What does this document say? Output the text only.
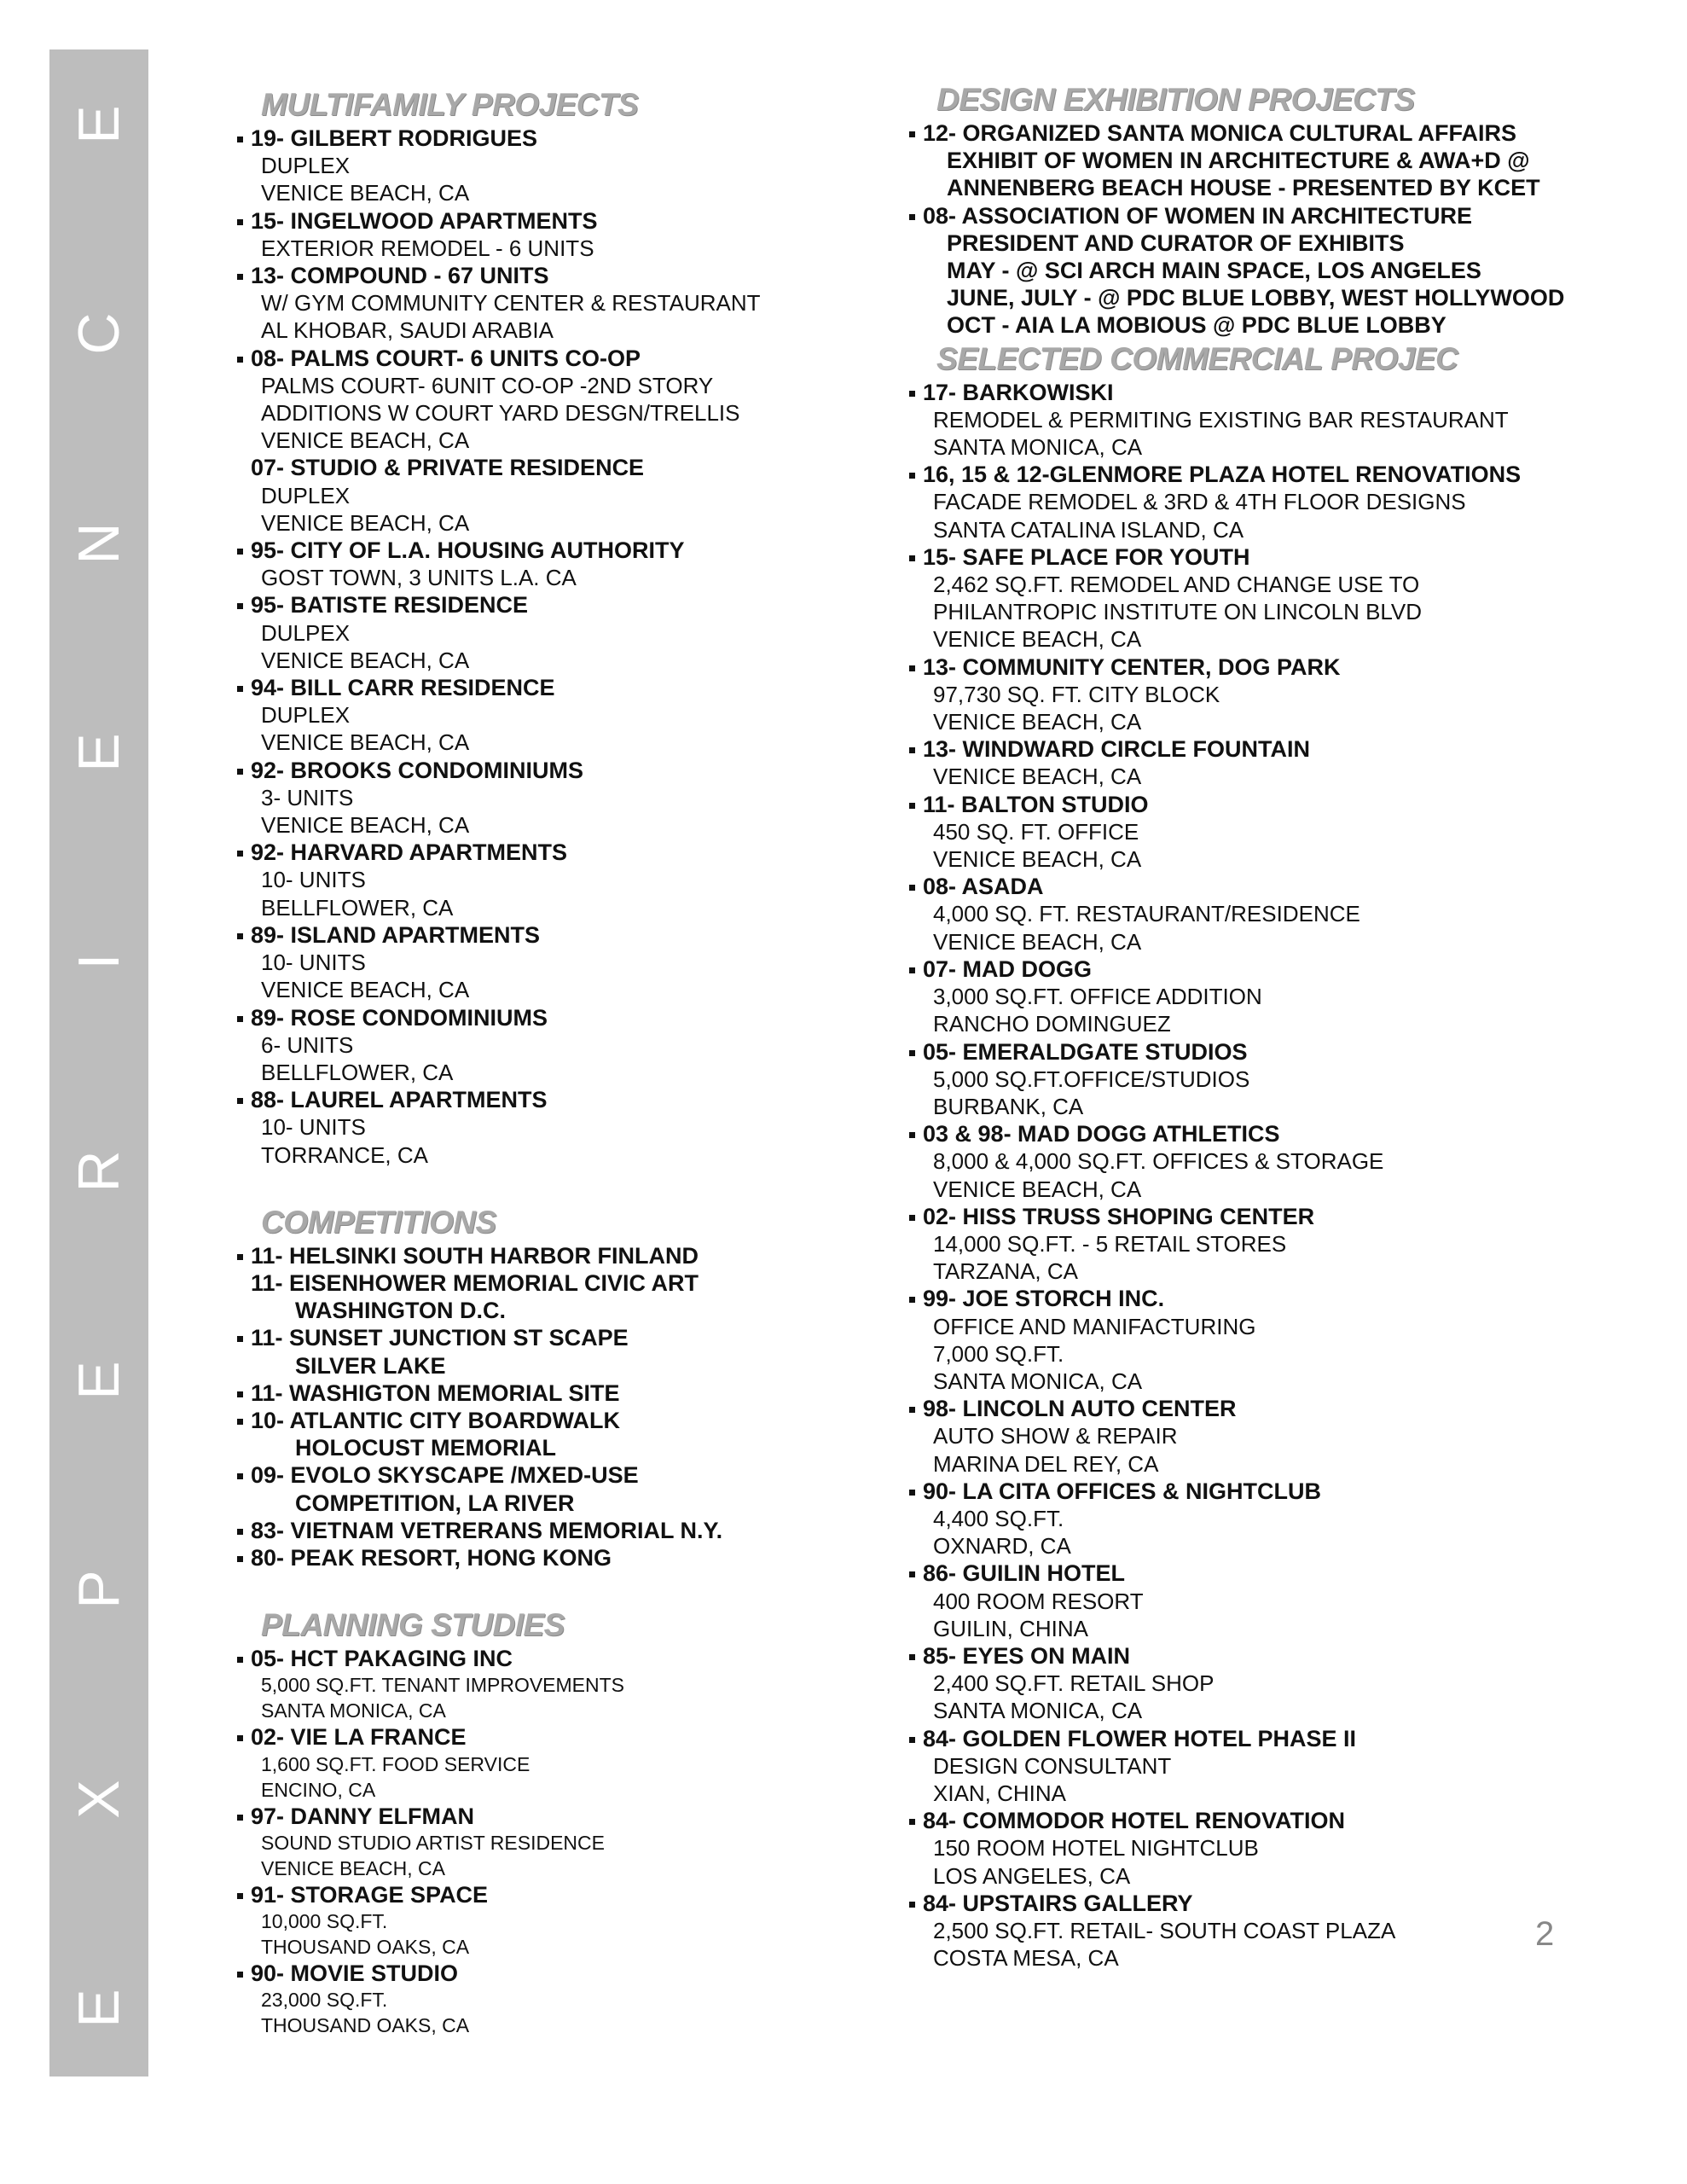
E
C
N
E
I
R
E
P
X
E
MULTIFAMILY PROJECTS
19- GILBERT RODRIGUES
DUPLEX
VENICE BEACH, CA
15- INGELWOOD APARTMENTS
EXTERIOR REMODEL - 6 UNITS
13- COMPOUND - 67 UNITS
W/ GYM COMMUNITY CENTER & RESTAURANT
AL KHOBAR, SAUDI ARABIA
08- PALMS COURT- 6 UNITS CO-OP
PALMS COURT- 6UNIT CO-OP -2ND STORY
ADDITIONS W COURT YARD DESGN/TRELLIS
VENICE BEACH, CA
07- STUDIO & PRIVATE RESIDENCE
DUPLEX
VENICE BEACH, CA
95- CITY OF L.A. HOUSING AUTHORITY
GOST TOWN, 3 UNITS L.A. CA
95- BATISTE RESIDENCE
DULPEX
VENICE BEACH, CA
94- BILL CARR RESIDENCE
DUPLEX
VENICE BEACH, CA
92- BROOKS CONDOMINIUMS
3- UNITS
VENICE BEACH, CA
92- HARVARD APARTMENTS
10- UNITS
BELLFLOWER, CA
89- ISLAND APARTMENTS
10- UNITS
VENICE BEACH, CA
89- ROSE CONDOMINIUMS
6- UNITS
BELLFLOWER, CA
88- LAUREL APARTMENTS
10- UNITS
TORRANCE, CA
COMPETITIONS
11- HELSINKI SOUTH HARBOR FINLAND
11- EISENHOWER MEMORIAL CIVIC ART
WASHINGTON D.C.
11- SUNSET JUNCTION ST SCAPE
SILVER LAKE
11- WASHIGTON MEMORIAL SITE
10- ATLANTIC CITY BOARDWALK
HOLOCUST MEMORIAL
09- EVOLO SKYSCAPE /MXED-USE
COMPETITION, LA RIVER
83- VIETNAM VETRERANS MEMORIAL N.Y.
80- PEAK RESORT, HONG KONG
PLANNING STUDIES
05- HCT PAKAGING INC
5,000 SQ.FT. TENANT IMPROVEMENTS
SANTA MONICA, CA
02- VIE LA FRANCE
1,600 SQ.FT. FOOD SERVICE
ENCINO, CA
97- DANNY ELFMAN
SOUND STUDIO ARTIST RESIDENCE
VENICE BEACH, CA
91- STORAGE SPACE
10,000 SQ.FT.
THOUSAND OAKS, CA
90- MOVIE STUDIO
23,000 SQ.FT.
THOUSAND OAKS, CA
DESIGN EXHIBITION PROJECTS
12- ORGANIZED SANTA MONICA CULTURAL AFFAIRS
EXHIBIT OF WOMEN IN ARCHITECTURE & AWA+D @
ANNENBERG BEACH HOUSE - PRESENTED BY KCET
08- ASSOCIATION OF WOMEN IN ARCHITECTURE
PRESIDENT AND CURATOR OF EXHIBITS
MAY - @ SCI ARCH MAIN SPACE, LOS ANGELES
JUNE, JULY - @ PDC BLUE LOBBY, WEST HOLLYWOOD
OCT - AIA LA MOBIOUS @ PDC BLUE LOBBY
SELECTED COMMERCIAL PROJEC
17- BARKOWISKI
REMODEL & PERMITING EXISTING BAR RESTAURANT
SANTA MONICA, CA
16, 15 & 12-GLENMORE PLAZA HOTEL RENOVATIONS
FACADE REMODEL & 3RD & 4TH FLOOR DESIGNS
SANTA CATALINA ISLAND, CA
15- SAFE PLACE FOR YOUTH
2,462 SQ.FT. REMODEL AND CHANGE USE TO
PHILANTROPIC INSTITUTE ON LINCOLN BLVD
VENICE BEACH, CA
13- COMMUNITY CENTER, DOG PARK
97,730 SQ. FT. CITY BLOCK
VENICE BEACH, CA
13- WINDWARD CIRCLE FOUNTAIN
VENICE BEACH, CA
11- BALTON STUDIO
450 SQ. FT. OFFICE
VENICE BEACH, CA
08- ASADA
4,000 SQ. FT. RESTAURANT/RESIDENCE
VENICE BEACH, CA
07- MAD DOGG
3,000 SQ.FT. OFFICE ADDITION
RANCHO DOMINGUEZ
05- EMERALDGATE STUDIOS
5,000 SQ.FT.OFFICE/STUDIOS
BURBANK, CA
03 & 98- MAD DOGG ATHLETICS
8,000 & 4,000 SQ.FT. OFFICES & STORAGE
VENICE BEACH, CA
02- HISS TRUSS SHOPING CENTER
14,000 SQ.FT. - 5 RETAIL STORES
TARZANA, CA
99- JOE STORCH INC.
OFFICE AND MANIFACTURING
7,000 SQ.FT.
SANTA MONICA, CA
98- LINCOLN AUTO CENTER
AUTO SHOW & REPAIR
MARINA DEL REY, CA
90- LA CITA OFFICES & NIGHTCLUB
4,400 SQ.FT.
OXNARD, CA
86- GUILIN HOTEL
400 ROOM RESORT
GUILIN, CHINA
85- EYES ON MAIN
2,400 SQ.FT. RETAIL SHOP
SANTA MONICA, CA
84- GOLDEN FLOWER HOTEL PHASE II
DESIGN CONSULTANT
XIAN, CHINA
84- COMMODOR HOTEL RENOVATION
150 ROOM HOTEL NIGHTCLUB
LOS ANGELES, CA
84- UPSTAIRS GALLERY
2,500 SQ.FT. RETAIL- SOUTH COAST PLAZA
COSTA MESA, CA
2
